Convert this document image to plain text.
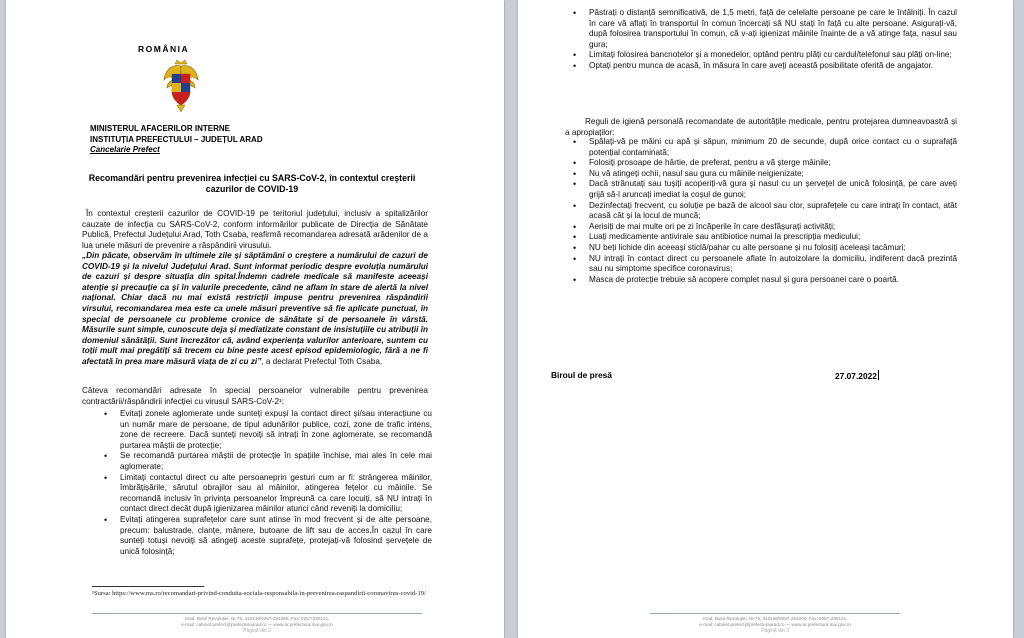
ROMÂNIA
MINISTERUL AFACERILOR INTERNE
INSTITUȚIA PREFECTULUI – JUDEȚUL ARAD
Cancelarie Prefect
Recomandări pentru prevenirea infecției cu SARS-CoV-2, în contextul creșterii cazurilor de COVID-19
În contextul creșterii cazurilor de COVID-19 pe teritoriul județului, inclusiv a spitalizărilor cauzate de infecția cu SARS-CoV-2, conform informărilor publicate de Direcția de Sănătate Publică, Prefectul Județului Arad, Toth Csaba, reafirmă recomandarea adresată arădenilor de a lua unele măsuri de prevenire a răspândirii virusului.
„Din păcate, observăm în ultimele zile și săptămâni o creștere a numărului de cazuri de COVID-19 și la nivelul Județului Arad. Sunt informat periodic despre evoluția numărului de cazuri și despre situația din spital.Îndemn cadrele medicale să manifeste aceeași atenție și precauție ca și în valurile precedente, când ne aflam în stare de alertă la nivel național. Chiar dacă nu mai există restricții impuse pentru prevenirea răspândirii virsului, recomandarea mea este ca unele măsuri preventive să fie aplicate punctual, în special de persoanele cu probleme cronice de sănătate și de persoanele în vârstă. Măsurile sunt simple, cunoscute deja și mediatizate constant de insistuțiile cu atribuții în domeniul sănătății. Sunt încrezător că, având experiența valurilor anterioare, suntem cu toții mult mai pregătiți să trecem cu bine peste acest episod epidemiologic, fără a ne fi afectată în prea mare măsură viața de zi cu zi”, a declarat Prefectul Toth Csaba.
Câteva recomandări adresate în special persoanelor vulnerabile pentru prevenirea contractării/răspândirii infecției cu virusul SARS-CoV-2¹:
• Evitați zonele aglomerate unde sunteți expuși la contact direct și/sau interacțiune cu un număr mare de persoane, de tipul adunărilor publice, cozi, zone de trafic intens, zone de recreere. Dacă sunteți nevoiți să intrați în zone aglomerate, se recomandă purtarea măștii de protecție;
• Se recomandă purtarea măștii de protecție în spațiile închise, mai ales în cele mai aglomerate;
• Limitați contactul direct cu alte persoaneprin gesturi cum ar fi: strângerea mâinilor, îmbrățișările, sărutul obrajilor sau al mâinilor, atingerea fețelor cu mâinile. Se recomandă inclusiv în privința persoanelor împreună ca care locuiți, să NU intrați în contact direct decât după igienizarea mâinilor atunci când reveniți la domiciliu;
• Evitați atingerea suprafețelor care sunt atinse în mod frecvent și de alte persoane, precum: balustrade, clanțe, mânere, butoane de lift sau de acces.În cazul în care sunteți totuși nevoiți să atingeți aceste suprafețe, protejați-vă folosind șervețele de unică folosință;
¹Sursa: https://www.ms.ro/recomandari-privind-conduita-sociala-responsabila-in-prevenirea-raspandirii-coronavirus-covid-19/
Arad, Bulul Revoluției, Nr.75, 310130/0257-281200; Fax: 0257-280121,
e-mail: cabinet.prefect@prefecturaarad.ro — www.ar.prefectura.mai.gov.ro
Pagină din 3
• Păstrați o distanță semnificativă, de 1,5 metri, față de celelalte persoane pe care le întâlniți. În cazul în care vă aflați în transportul în comun încercați să NU stați în față cu alte persoane. Asigurați-vă, după folosirea transportului în comun, că v-ați igienizat mâinile înainte de a vă atinge fața, nasul sau gura;
• Limitați folosirea bancnotelor și a monedelor, optând pentru plăți cu cardul/telefonul sau plăți on-line;
• Optați pentru munca de acasă, în măsura în care aveți această posibilitate oferită de angajator.
Reguli de igienă personală recomandate de autoritățile medicale, pentru protejarea dumneavoastră și a apropiaților:
• Spălați-vă pe mâini cu apă și săpun, minimum 20 de secunde, după orice contact cu o suprafață potențial contaminată;
• Folosiți prosoape de hârtie, de preferat, pentru a vă șterge mâinile;
• Nu vă atingeți ochii, nasul sau gura cu mâinile neigienizate;
• Dacă strănutați sau tușiți acoperiți-vă gura și nasul cu un șervețel de unică folosință, pe care aveți grijă să-l aruncați imediat la coșul de gunoi;
• Dezinfectați frecvent, cu soluție pe bază de alcool sau clor, suprafețele cu care intrați în contact, atât acasă cât și la locul de muncă;
• Aerisiți de mai multe ori pe zi încăperile în care desfășurați activități;
• Luați medicamente antivirale sau antibiotice numai la prescripția medicului;
• NU beți lichide din aceeași sticlă/pahar cu alte persoane și nu folosiți aceleași tacâmuri;
• NU intrați în contact direct cu persoanele aflate în autoizolare la domiciliu, indiferent dacă prezintă sau nu simptome specifice coronavirus;
• Masca de protecție trebuie să acopere complet nasul și gura persoanei care o poartă.
Biroul de presă	27.07.2022
Arad, Bulul Revoluției, Nr.75, 310130/0257-281200; Fax: 0257-280121,
e-mail: cabinet.prefect@prefecturaarad.ro — www.ar.prefectura.mai.gov.ro
Pagină din 3
